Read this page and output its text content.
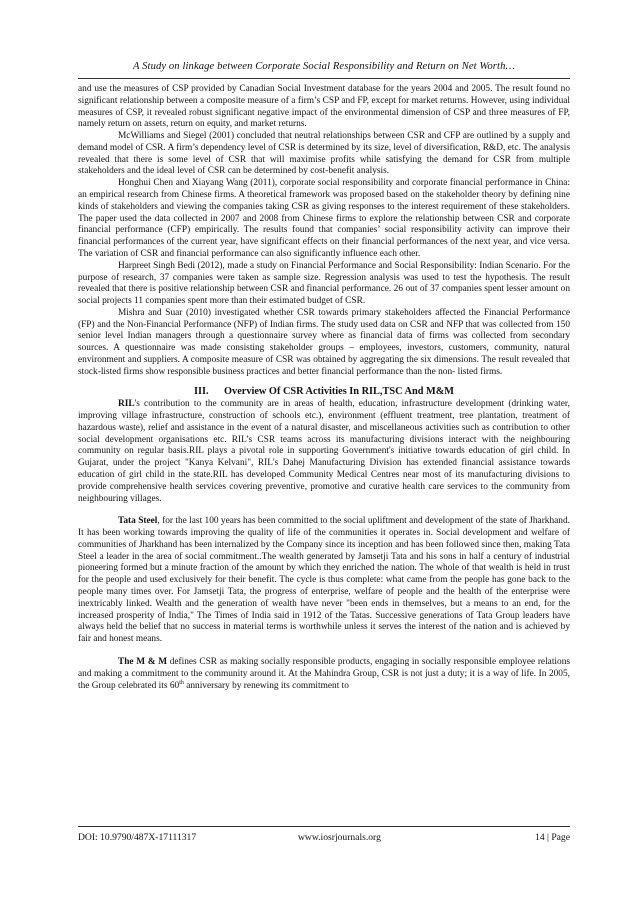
A Study on linkage between Corporate Social Responsibility and Return on Net Worth…

and use the measures of CSP provided by Canadian Social Investment database for the years 2004 and 2005. The result found no significant relationship between a composite measure of a firm’s CSP and FP, except for market returns. However, using individual measures of CSP, it revealed robust significant negative impact of the environmental dimension of CSP and three measures of FP, namely return on assets, return on equity, and market returns.

McWilliams and Siegel (2001) concluded that neutral relationships between CSR and CFP are outlined by a supply and demand model of CSR. A firm’s dependency level of CSR is determined by its size, level of diversification, R&D, etc. The analysis revealed that there is some level of CSR that will maximise profits while satisfying the demand for CSR from multiple stakeholders and the ideal level of CSR can be determined by cost-benefit analysis.

Honghui Chen and Xiayang Wang (2011), corporate social responsibility and corporate financial performance in China: an empirical research from Chinese firms. A theoretical framework was proposed based on the stakeholder theory by defining nine kinds of stakeholders and viewing the companies taking CSR as giving responses to the interest requirement of these stakeholders. The paper used the data collected in 2007 and 2008 from Chinese firms to explore the relationship between CSR and corporate financial performance (CFP) empirically. The results found that companies’ social responsibility activity can improve their financial performances of the current year, have significant effects on their financial performances of the next year, and vice versa. The variation of CSR and financial performance can also significantly influence each other.

Harpreet Singh Bedi (2012), made a study on Financial Performance and Social Responsibility: Indian Scenario. For the purpose of research, 37 companies were taken as sample size. Regression analysis was used to test the hypothesis. The result revealed that there is positive relationship between CSR and financial performance. 26 out of 37 companies spent lesser amount on social projects 11 companies spent more than their estimated budget of CSR.

Mishra and Suar (2010) investigated whether CSR towards primary stakeholders affected the Financial Performance (FP) and the Non-Financial Performance (NFP) of Indian firms. The study used data on CSR and NFP that was collected from 150 senior level Indian managers through a questionnaire survey where as financial data of firms was collected from secondary sources. A questionnaire was made consisting stakeholder groups – employees, investors, customers, community, natural environment and suppliers. A composite measure of CSR was obtained by aggregating the six dimensions. The result revealed that stock-listed firms show responsible business practices and better financial performance than the non- listed firms.

III. Overview Of CSR Activities In RIL,TSC And M&M

RIL's contribution to the community are in areas of health, education, infrastructure development (drinking water, improving village infrastructure, construction of schools etc.), environment (effluent treatment, tree plantation, treatment of hazardous waste), relief and assistance in the event of a natural disaster, and miscellaneous activities such as contribution to other social development organisations etc. RIL’s CSR teams across its manufacturing divisions interact with the neighbouring community on regular basis.RIL plays a pivotal role in supporting Government's initiative towards education of girl child. In Gujarat, under the project "Kanya Kelvani", RIL's Dahej Manufacturing Division has extended financial assistance towards education of girl child in the state.RIL has developed Community Medical Centres near most of its manufacturing divisions to provide comprehensive health services covering preventive, promotive and curative health care services to the community from neighbouring villages.

Tata Steel, for the last 100 years has been committed to the social upliftment and development of the state of Jharkhand. It has been working towards improving the quality of life of the communities it operates in. Social development and welfare of communities of Jharkhand has been internalized by the Company since its inception and has been followed since then, making Tata Steel a leader in the area of social commitment..The wealth generated by Jamsetji Tata and his sons in half a century of industrial pioneering formed but a minute fraction of the amount by which they enriched the nation. The whole of that wealth is held in trust for the people and used exclusively for their benefit. The cycle is thus complete: what came from the people has gone back to the people many times over. For Jamsetji Tata, the progress of enterprise, welfare of people and the health of the enterprise were inextricably linked. Wealth and the generation of wealth have never "been ends in themselves, but a means to an end, for the increased prosperity of India," The Times of India said in 1912 of the Tatas. Successive generations of Tata Group leaders have always held the belief that no success in material terms is worthwhile unless it serves the interest of the nation and is achieved by fair and honest means.

The M & M defines CSR as making socially responsible products, engaging in socially responsible employee relations and making a commitment to the community around it. At the Mahindra Group, CSR is not just a duty; it is a way of life. In 2005, the Group celebrated its 60th anniversary by renewing its commitment to

DOI: 10.9790/487X-17111317	www.iosrjournals.org	14 | Page
